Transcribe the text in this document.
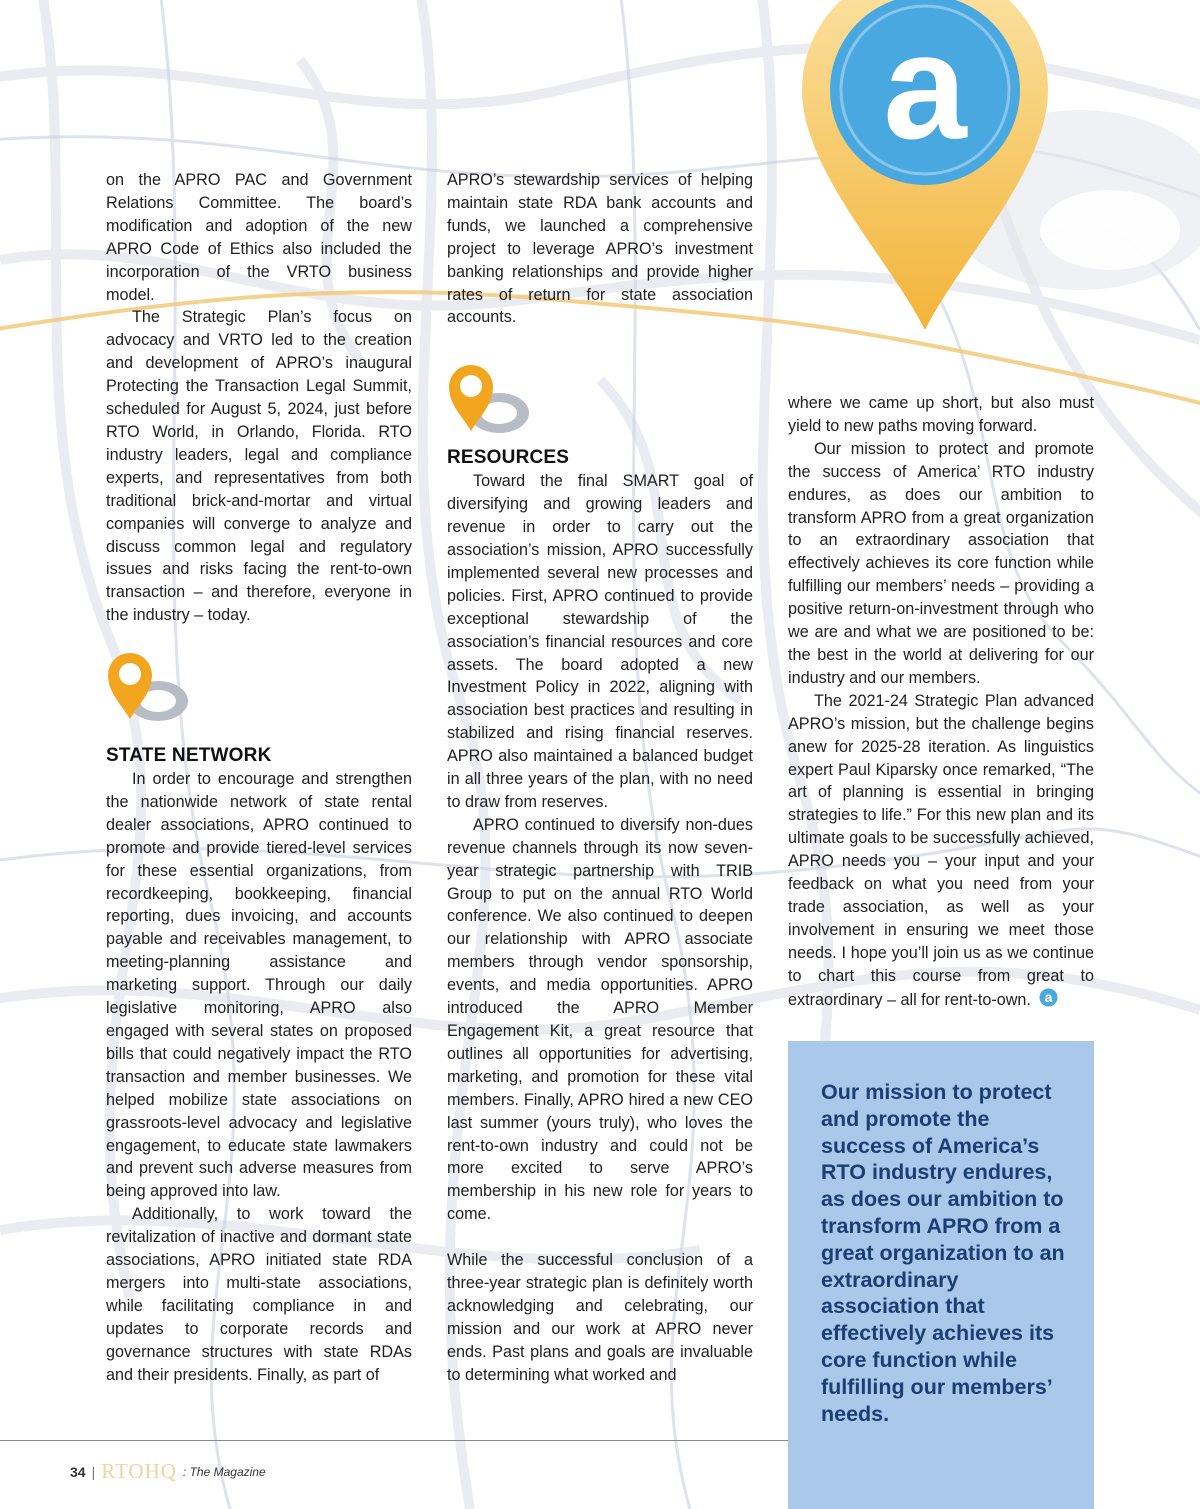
a

on the APRO PAC and Government Relations Committee. The board’s modification and adoption of the new APRO Code of Ethics also included the incorporation of the VRTO business model.

The Strategic Plan’s focus on advocacy and VRTO led to the creation and development of APRO’s inaugural Protecting the Transaction Legal Summit, scheduled for August 5, 2024, just before RTO World, in Orlando, Florida. RTO industry leaders, legal and compliance experts, and representatives from both traditional brick-and-mortar and virtual companies will converge to analyze and discuss common legal and regulatory issues and risks facing the rent-to-own transaction – and therefore, everyone in the industry – today.

STATE NETWORK

In order to encourage and strengthen the nationwide network of state rental dealer associations, APRO continued to promote and provide tiered-level services for these essential organizations, from recordkeeping, bookkeeping, financial reporting, dues invoicing, and accounts payable and receivables management, to meeting-planning assistance and marketing support. Through our daily legislative monitoring, APRO also engaged with several states on proposed bills that could negatively impact the RTO transaction and member businesses. We helped mobilize state associations on grassroots-level advocacy and legislative engagement, to educate state lawmakers and prevent such adverse measures from being approved into law.

Additionally, to work toward the revitalization of inactive and dormant state associations, APRO initiated state RDA mergers into multi-state associations, while facilitating compliance in and updates to corporate records and governance structures with state RDAs and their presidents. Finally, as part of

APRO’s stewardship services of helping maintain state RDA bank accounts and funds, we launched a comprehensive project to leverage APRO’s investment banking relationships and provide higher rates of return for state association accounts.

RESOURCES

Toward the final SMART goal of diversifying and growing leaders and revenue in order to carry out the association’s mission, APRO successfully implemented several new processes and policies. First, APRO continued to provide exceptional stewardship of the association’s financial resources and core assets. The board adopted a new Investment Policy in 2022, aligning with association best practices and resulting in stabilized and rising financial reserves. APRO also maintained a balanced budget in all three years of the plan, with no need to draw from reserves.

APRO continued to diversify non-dues revenue channels through its now seven-year strategic partnership with TRIB Group to put on the annual RTO World conference. We also continued to deepen our relationship with APRO associate members through vendor sponsorship, events, and media opportunities. APRO introduced the APRO Member Engagement Kit, a great resource that outlines all opportunities for advertising, marketing, and promotion for these vital members. Finally, APRO hired a new CEO last summer (yours truly), who loves the rent-to-own industry and could not be more excited to serve APRO’s membership in his new role for years to come.

While the successful conclusion of a three-year strategic plan is definitely worth acknowledging and celebrating, our mission and our work at APRO never ends. Past plans and goals are invaluable to determining what worked and

where we came up short, but also must yield to new paths moving forward.

Our mission to protect and promote the success of America’ RTO industry endures, as does our ambition to transform APRO from a great organization to an extraordinary association that effectively achieves its core function while fulfilling our members’ needs – providing a positive return-on-investment through who we are and what we are positioned to be: the best in the world at delivering for our industry and our members.

The 2021-24 Strategic Plan advanced APRO’s mission, but the challenge begins anew for 2025-28 iteration. As linguistics expert Paul Kiparsky once remarked, “The art of planning is essential in bringing strategies to life.” For this new plan and its ultimate goals to be successfully achieved, APRO needs you – your input and your feedback on what you need from your trade association, as well as your involvement in ensuring we meet those needs. I hope you’ll join us as we continue to chart this course from great to extraordinary – all for rent-to-own. a

Our mission to protect and promote the success of America’s RTO industry endures, as does our ambition to transform APRO from a great organization to an extraordinary association that effectively achieves its core function while fulfilling our members’ needs.
34 | RTOHQ : The Magazine
